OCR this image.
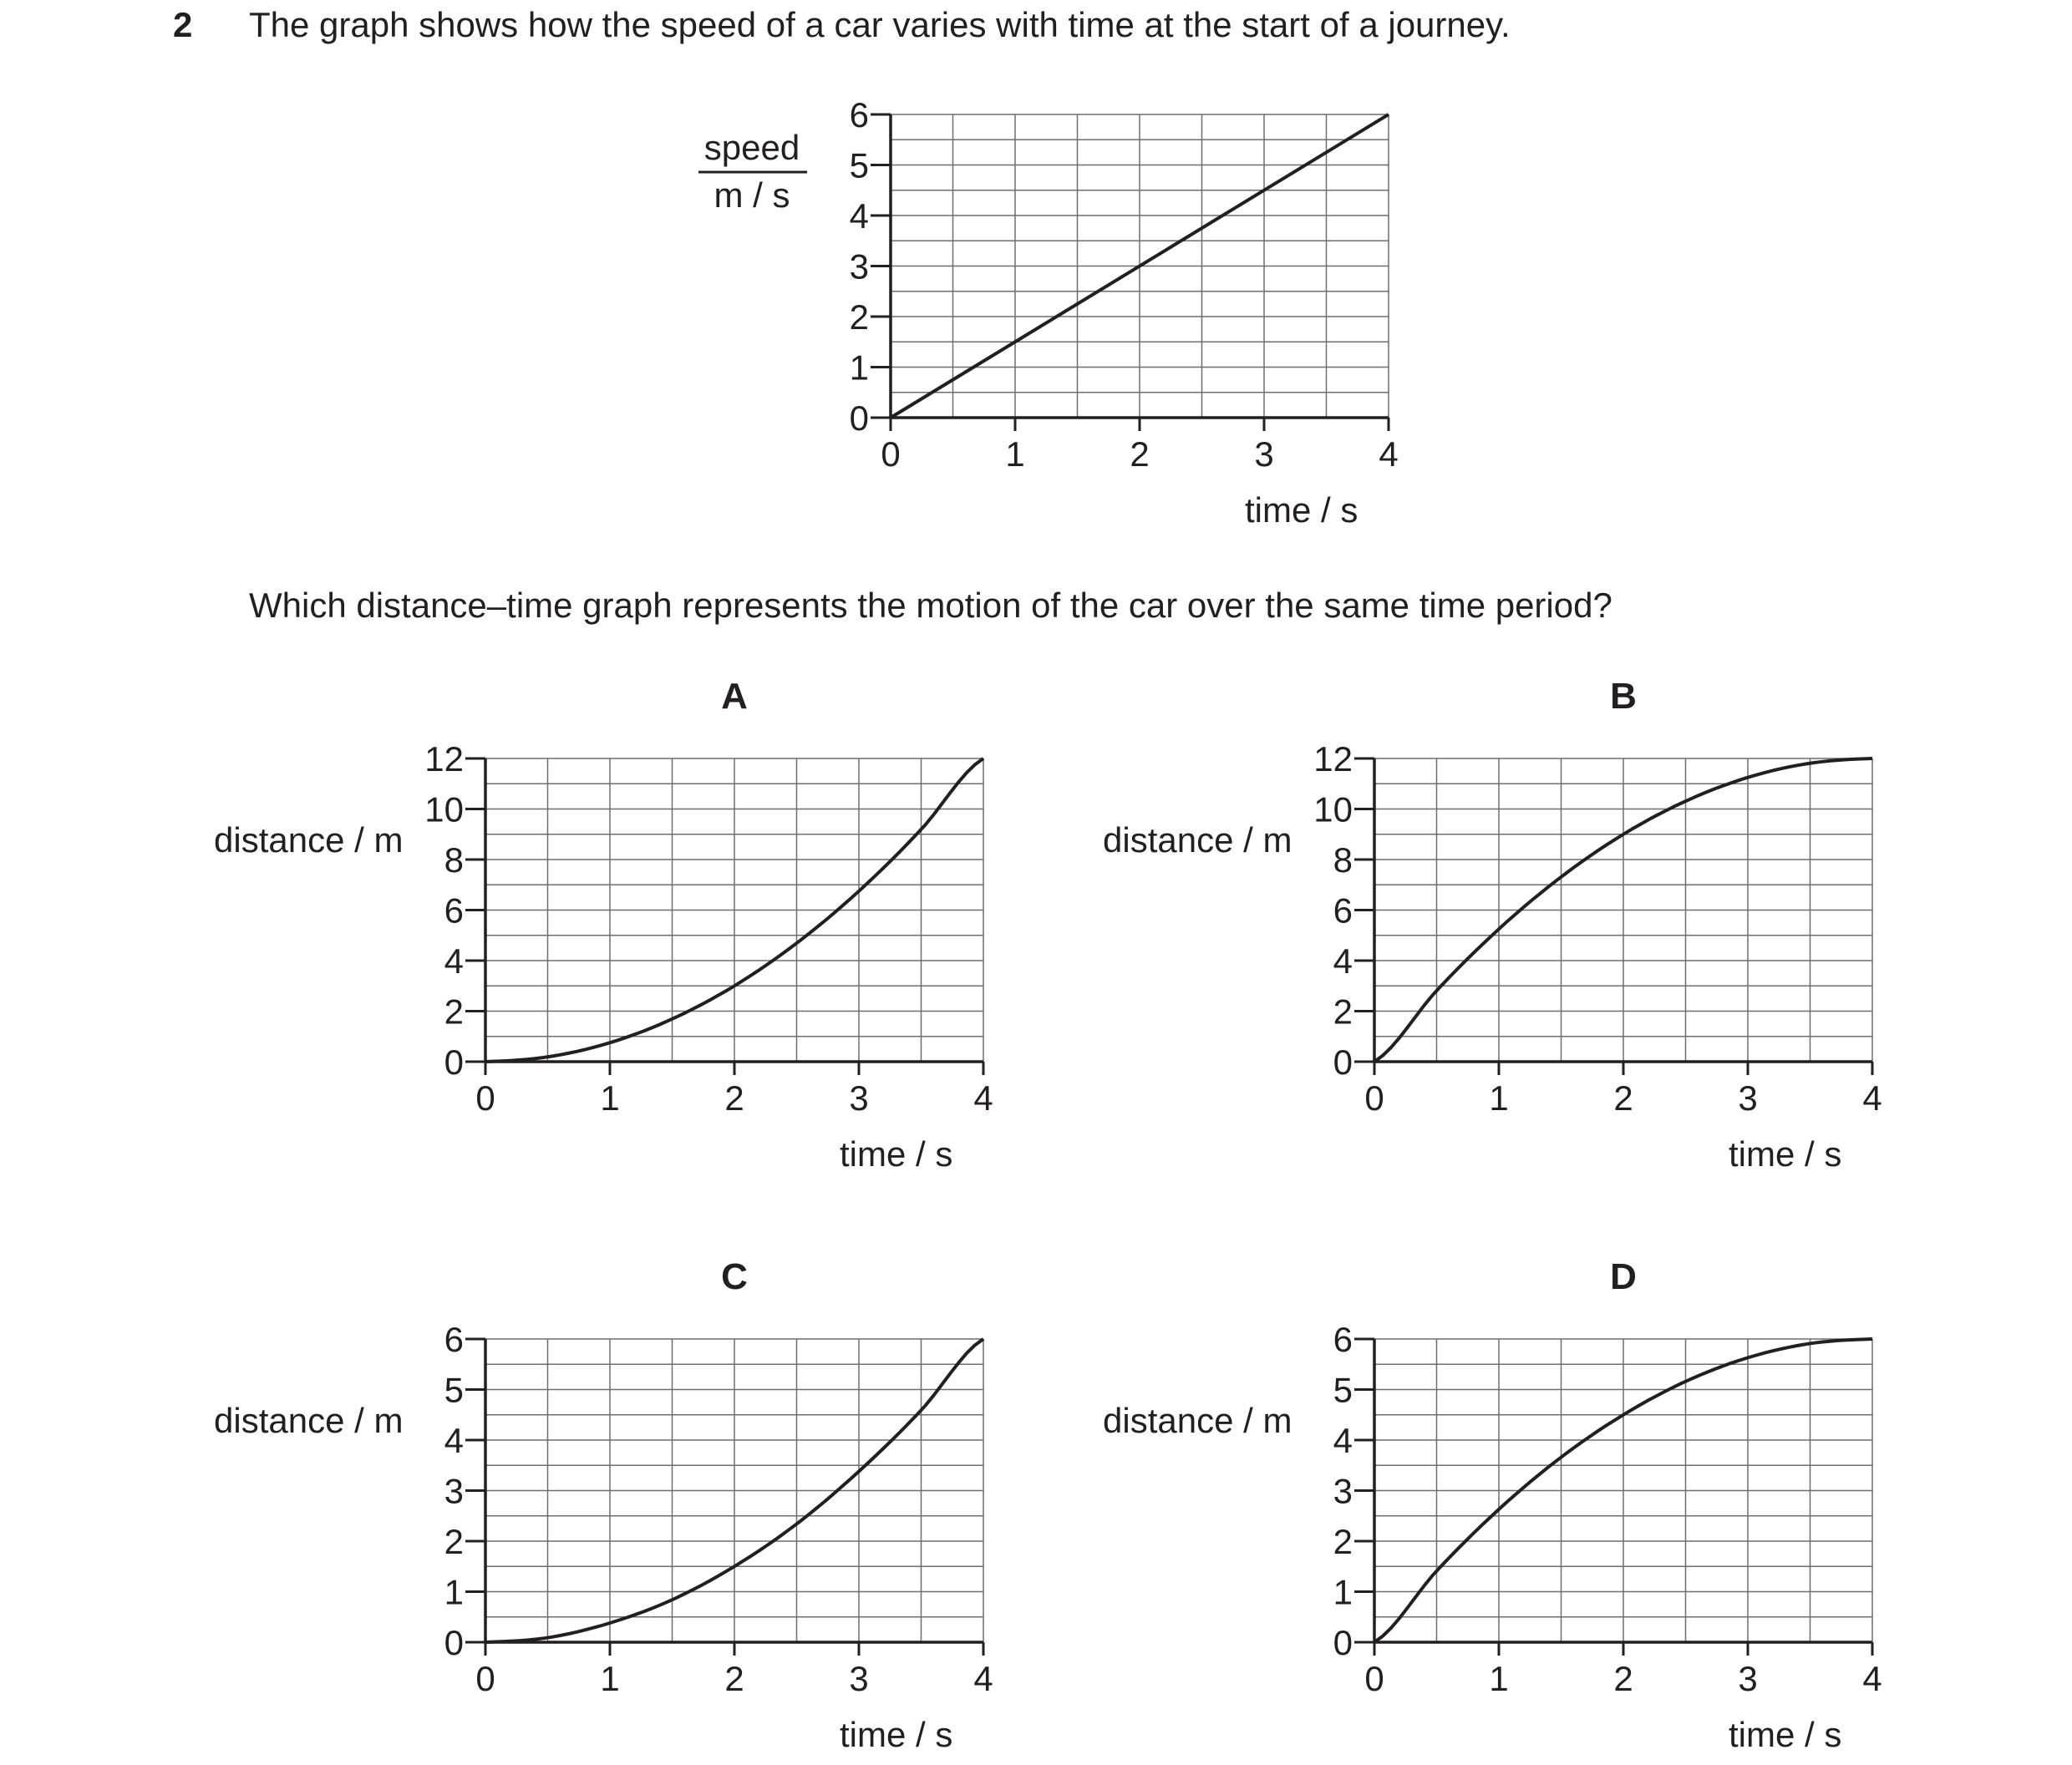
2 The graph shows how the speed of a car varies with time at the start of a journey.
Which distance–time graph represents the motion of the car over the same time period?
0	1	2	3	4
0
1
2
3
4
5
6
time / s
speed
m / s
0	1	2	3	4
0
2
4
6
8
10
12
time / s
A
distance / m
0	1	2	3	4
0
2
4
6
8
10
12
time / s
B
distance / m
0	1	2	3	4
0
1
2
3
4
5
6
time / s
C
distance / m
0	1	2	3	4
0
1
2
3
4
5
6
time / s
D
distance / m
